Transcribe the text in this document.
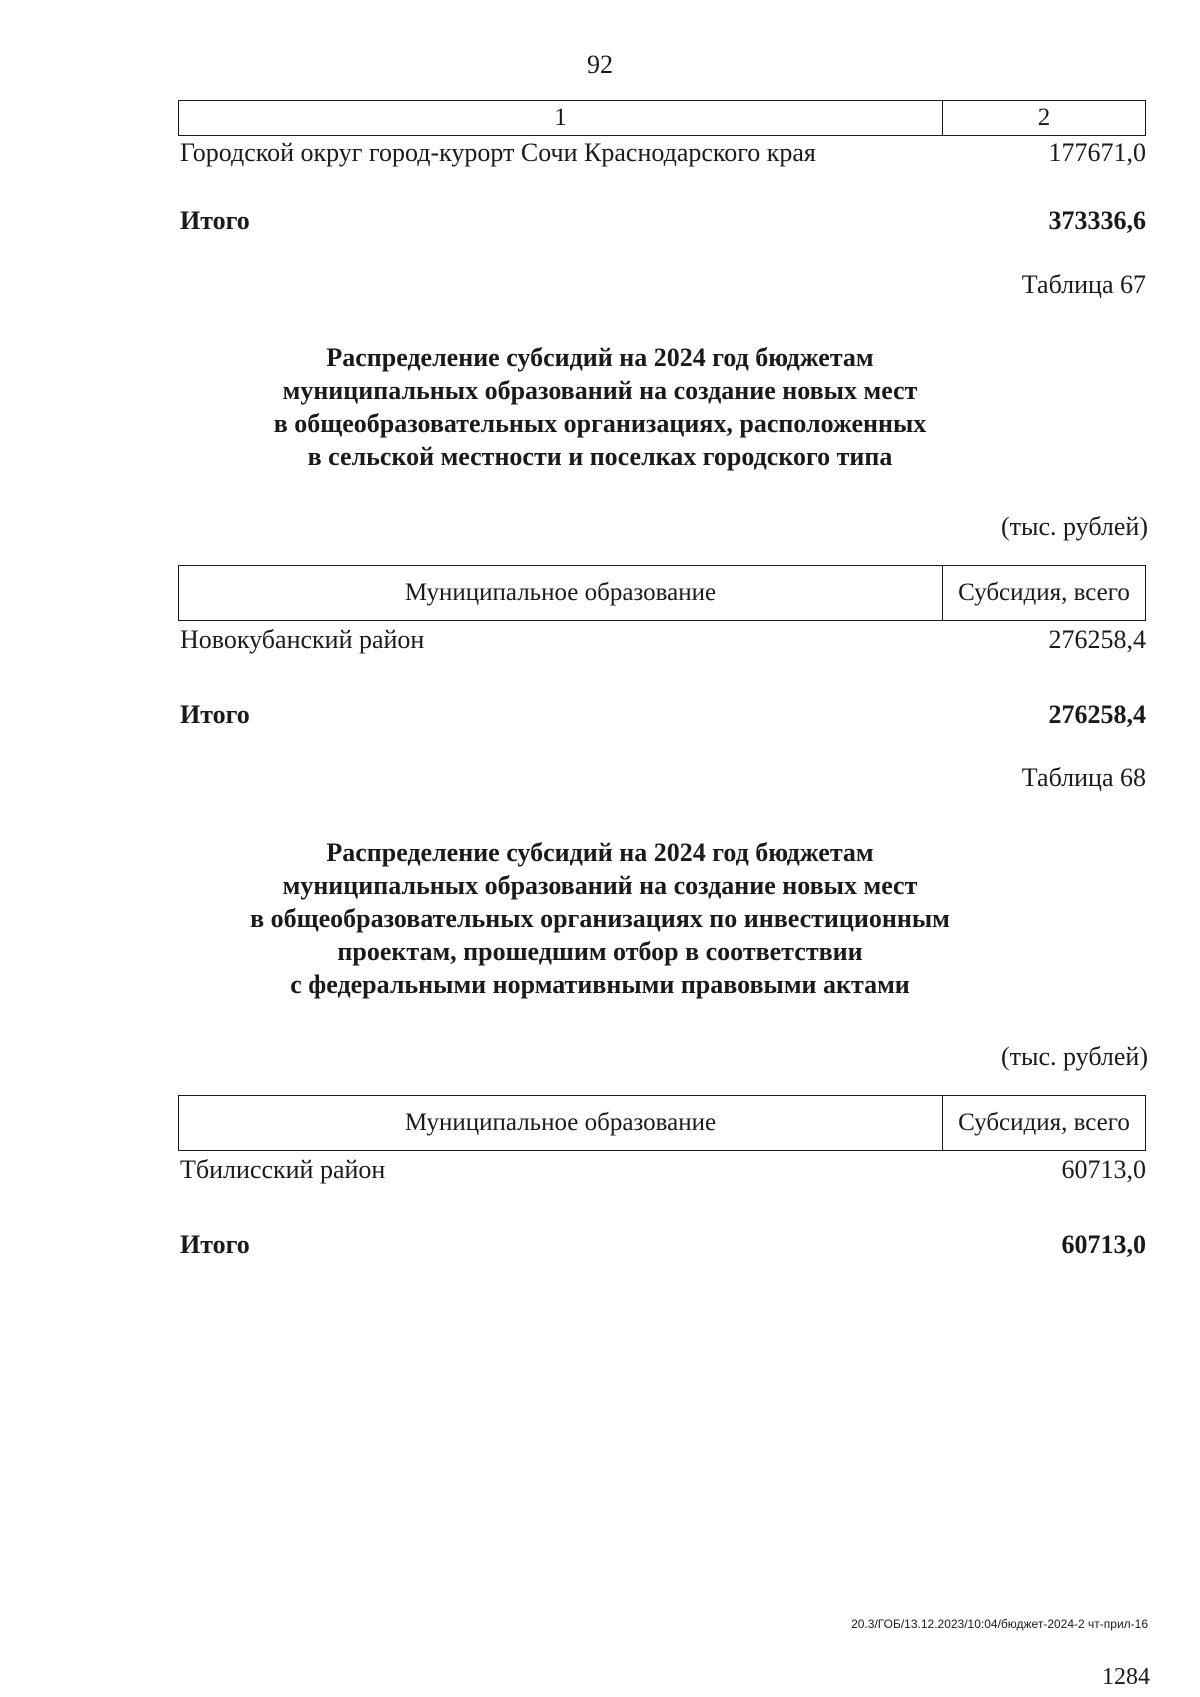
92
1	2
Городской округ город-курорт Сочи Краснодарского края	177671,0
Итого	373336,6
Таблица 67
Распределение субсидий на 2024 год бюджетам
муниципальных образований на создание новых мест
в общеобразовательных организациях, расположенных
в сельской местности и поселках городского типа
(тыс. рублей)
Муниципальное образование	Субсидия, всего
Новокубанский район	276258,4
Итого	276258,4
Таблица 68
Распределение субсидий на 2024 год бюджетам
муниципальных образований на создание новых мест
в общеобразовательных организациях по инвестиционным
проектам, прошедшим отбор в соответствии
с федеральными нормативными правовыми актами
(тыс. рублей)
Муниципальное образование	Субсидия, всего
Тбилисский район	60713,0
Итого	60713,0
20.3/ГОБ/13.12.2023/10:04/бюджет-2024-2 чт-прил-16
1284
